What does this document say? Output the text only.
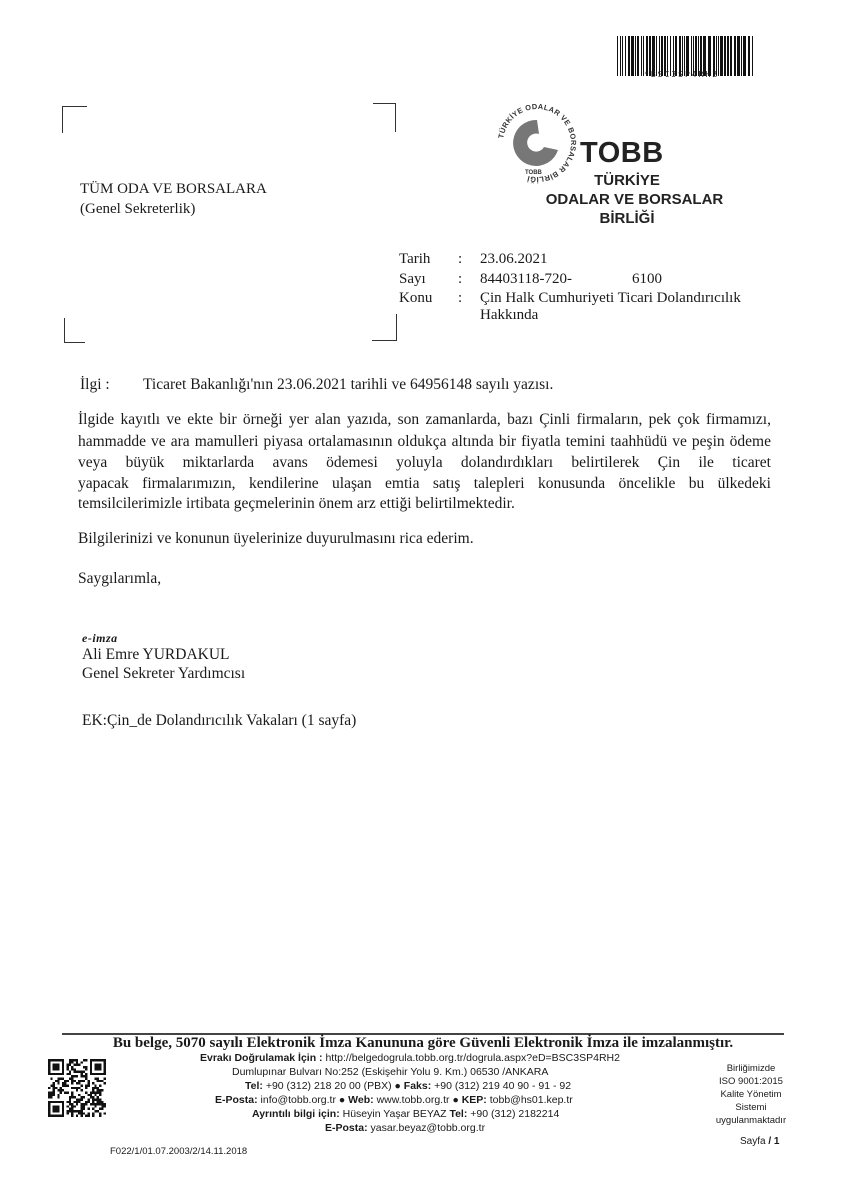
*BSC3SP4RH2*
TÜRKİYE ODALAR VE BORSALAR BİRLİĞİ
TOBB
TOBB
TÜRKİYE
ODALAR VE BORSALAR
BİRLİĞİ
TÜM ODA VE BORSALARA
(Genel Sekreterlik)
Tarih : 23.06.2021
Sayı : 84403118-720-	6100
Konu : Çin Halk Cumhuriyeti Ticari Dolandırıcılık
Hakkında
İlgi : Ticaret Bakanlığı'nın 23.06.2021 tarihli ve 64956148 sayılı yazısı.
İlgide kayıtlı ve ekte bir örneği yer alan yazıda, son zamanlarda, bazı Çinli firmaların, pek çok firmamızı,
hammadde ve ara mamulleri piyasa ortalamasının oldukça altında bir fiyatla temini taahhüdü ve peşin ödeme
veya büyük miktarlarda avans ödemesi yoluyla dolandırdıkları belirtilerek Çin ile ticaret
yapacak firmalarımızın, kendilerine ulaşan emtia satış talepleri konusunda öncelikle bu ülkedeki
temsilcilerimizle irtibata geçmelerinin önem arz ettiği belirtilmektedir.
Bilgilerinizi ve konunun üyelerinize duyurulmasını rica ederim.
Saygılarımla,
e-imza
Ali Emre YURDAKUL
Genel Sekreter Yardımcısı
EK:Çin_de Dolandırıcılık Vakaları (1 sayfa)
Bu belge, 5070 sayılı Elektronik İmza Kanununa göre Güvenli Elektronik İmza ile imzalanmıştır.
Evrakı Doğrulamak İçin : http://belgedogrula.tobb.org.tr/dogrula.aspx?eD=BSC3SP4RH2
Dumlupınar Bulvarı No:252 (Eskişehir Yolu 9. Km.) 06530 /ANKARA
Tel: +90 (312) 218 20 00 (PBX) ● Faks: +90 (312) 219 40 90 - 91 - 92
E-Posta: info@tobb.org.tr ● Web: www.tobb.org.tr ● KEP: tobb@hs01.kep.tr
Ayrıntılı bilgi için: Hüseyin Yaşar BEYAZ Tel: +90 (312) 2182214
E-Posta: yasar.beyaz@tobb.org.tr
Birliğimizde
ISO 9001:2015
Kalite Yönetim
Sistemi
uygulanmaktadır
F022/1/01.07.2003/2/14.11.2018
Sayfa / 1
